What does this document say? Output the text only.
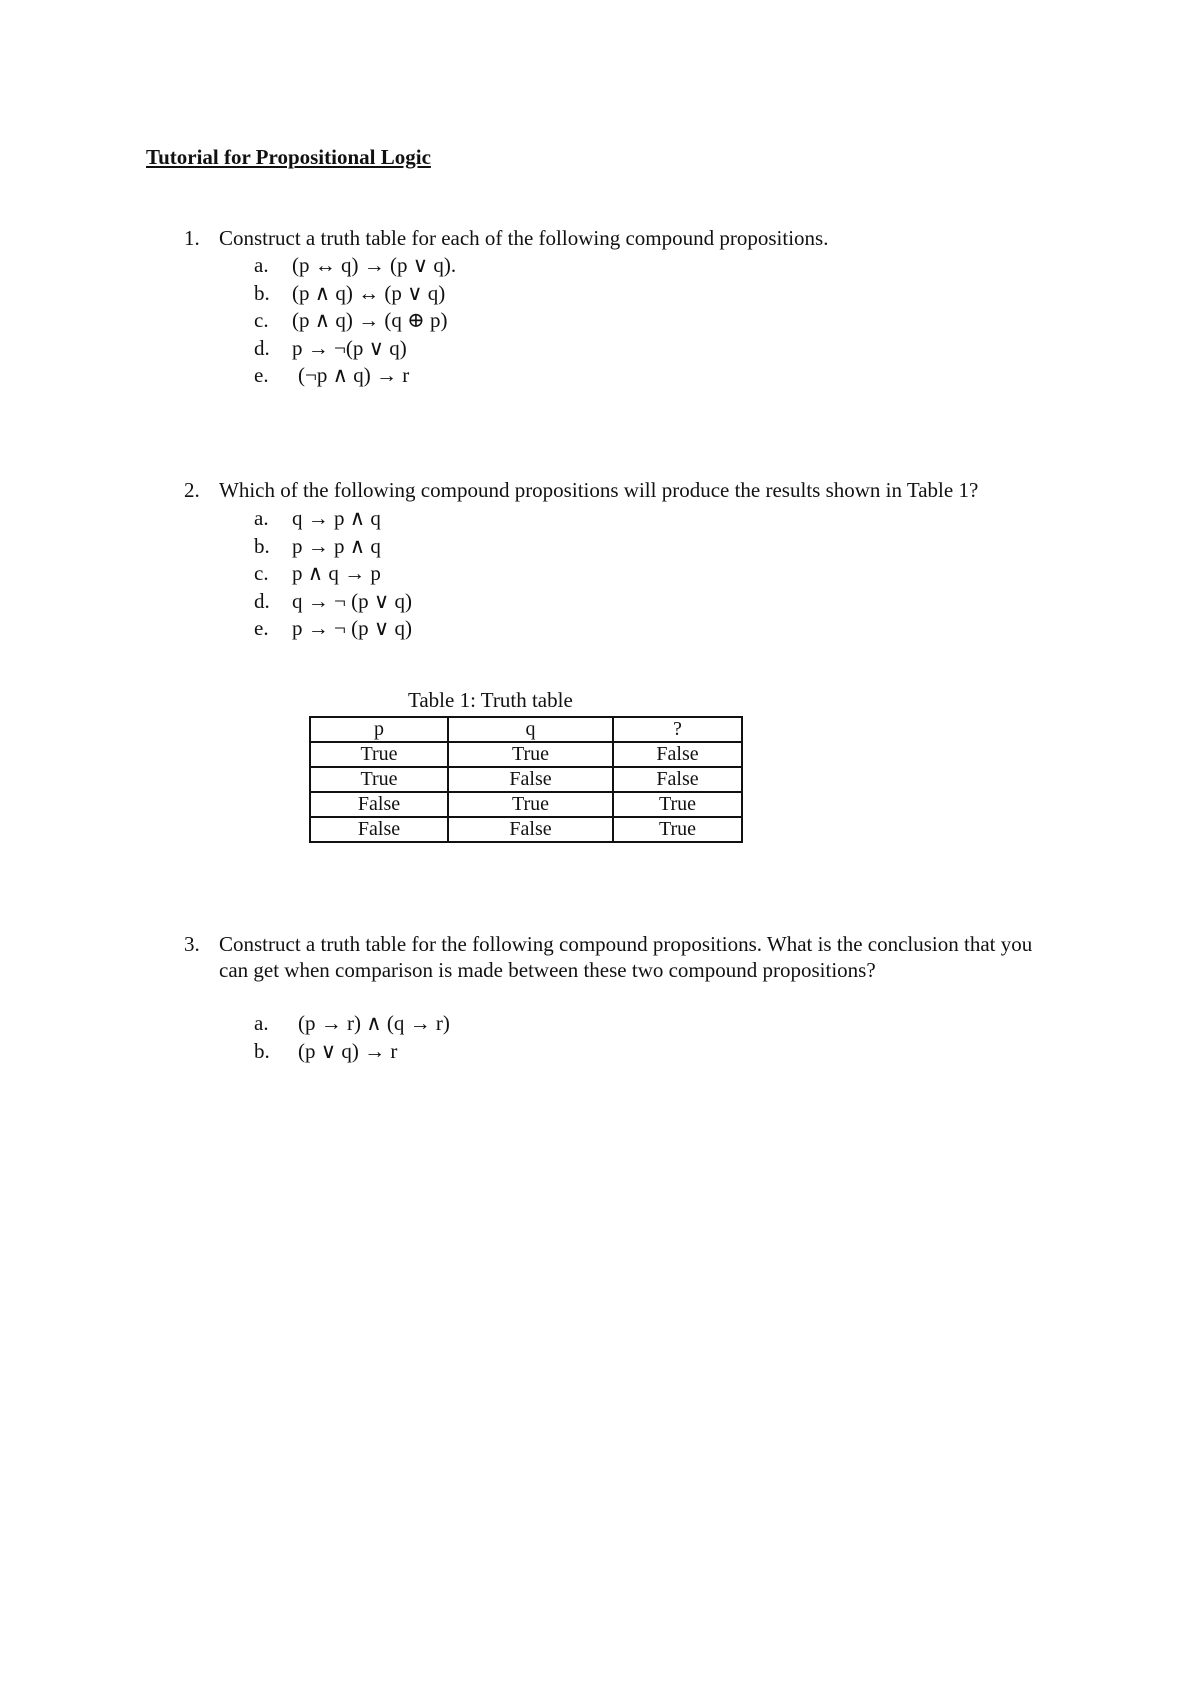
Tutorial for Propositional Logic
1. Construct a truth table for each of the following compound propositions.
a. (p ↔ q) → (p ∨ q).
b. (p ∧ q) ↔ (p ∨ q)
c. (p ∧ q) → (q ⊕ p)
d. p → ¬(p ∨ q)
e. (¬p ∧ q) → r
2. Which of the following compound propositions will produce the results shown in Table 1?
a. q → p ∧ q
b. p → p ∧ q
c. p ∧ q → p
d. q → ¬ (p ∨ q)
e. p → ¬ (p ∨ q)
Table 1: Truth table
p	q	?
True	True	False
True	False	False
False	True	True
False	False	True
3. Construct a truth table for the following compound propositions. What is the conclusion that you can get when comparison is made between these two compound propositions?
a. (p → r) ∧ (q → r)
b. (p ∨ q) → r
